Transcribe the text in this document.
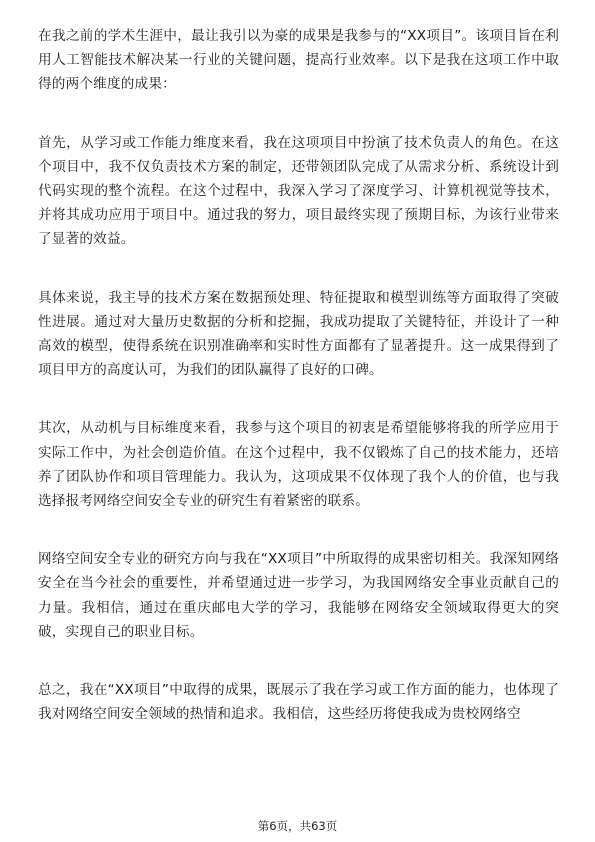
在我之前的学术生涯中，最让我引以为豪的成果是我参与的“XX项目”。该项目旨在利用人工智能技术解决某一行业的关键问题，提高行业效率。以下是我在这项工作中取得的两个维度的成果：

首先，从学习或工作能力维度来看，我在这项项目中扮演了技术负责人的角色。在这个项目中，我不仅负责技术方案的制定，还带领团队完成了从需求分析、系统设计到代码实现的整个流程。在这个过程中，我深入学习了深度学习、计算机视觉等技术，并将其成功应用于项目中。通过我的努力，项目最终实现了预期目标，为该行业带来了显著的效益。

具体来说，我主导的技术方案在数据预处理、特征提取和模型训练等方面取得了突破性进展。通过对大量历史数据的分析和挖掘，我成功提取了关键特征，并设计了一种高效的模型，使得系统在识别准确率和实时性方面都有了显著提升。这一成果得到了项目甲方的高度认可，为我们的团队赢得了良好的口碑。

其次，从动机与目标维度来看，我参与这个项目的初衷是希望能够将我的所学应用于实际工作中，为社会创造价值。在这个过程中，我不仅锻炼了自己的技术能力，还培养了团队协作和项目管理能力。我认为，这项成果不仅体现了我个人的价值，也与我选择报考网络空间安全专业的研究生有着紧密的联系。

网络空间安全专业的研究方向与我在“XX项目”中所取得的成果密切相关。我深知网络安全在当今社会的重要性，并希望通过进一步学习，为我国网络安全事业贡献自己的力量。我相信，通过在重庆邮电大学的学习，我能够在网络安全领域取得更大的突破，实现自己的职业目标。

总之，我在“XX项目”中取得的成果，既展示了我在学习或工作方面的能力，也体现了我对网络空间安全领域的热情和追求。我相信，这些经历将使我成为贵校网络空

第6页，共63页
